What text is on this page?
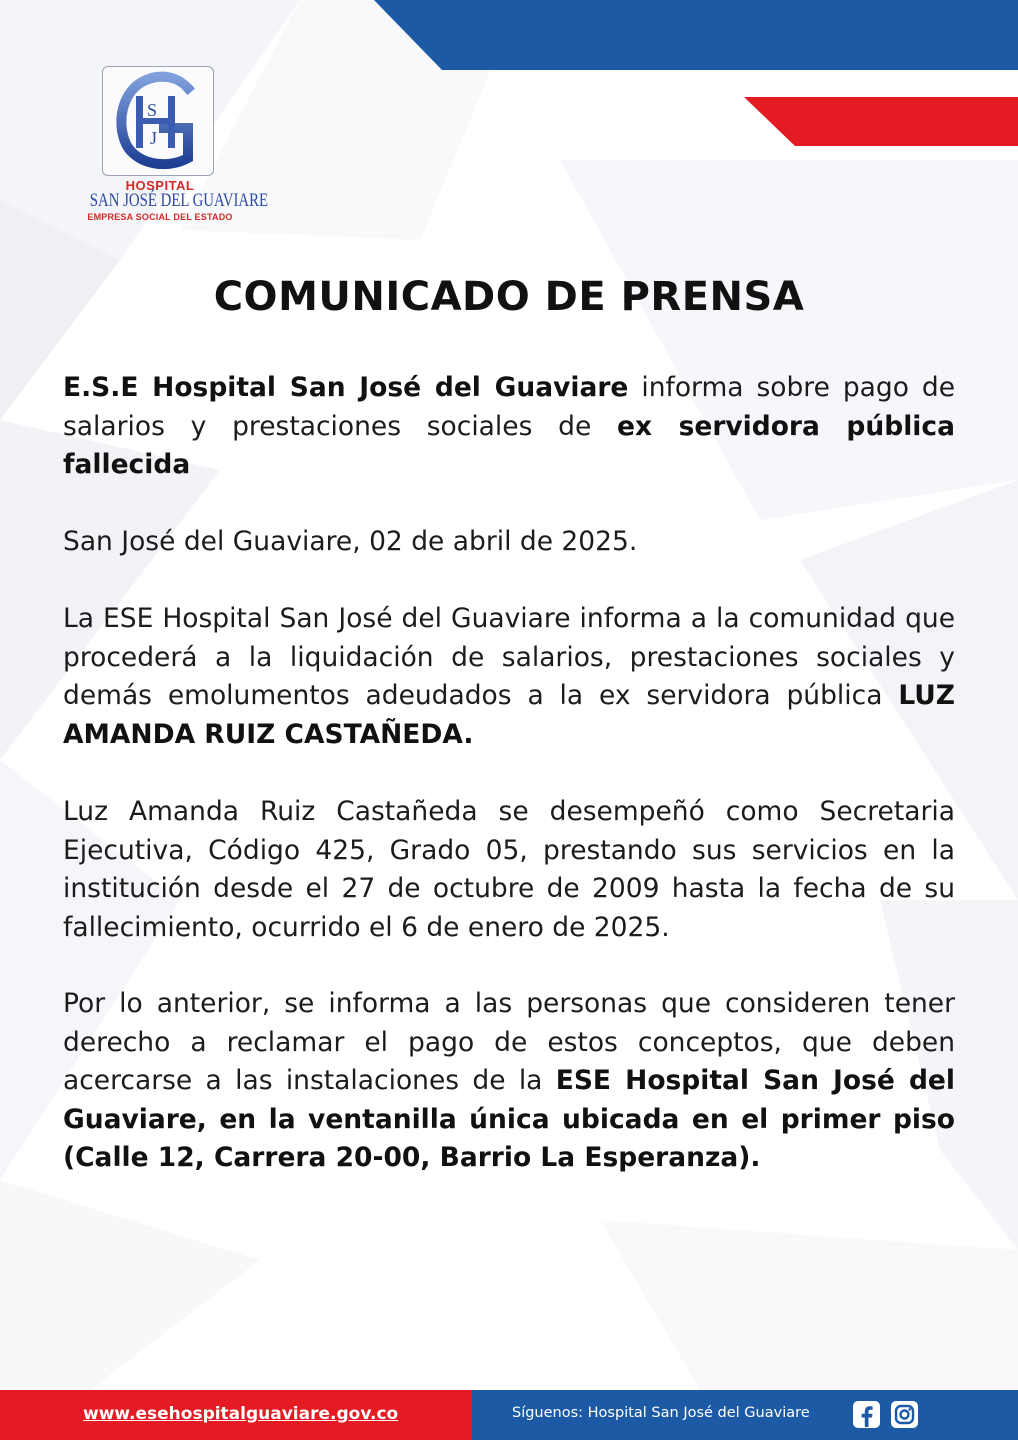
S
J
HOSPITAL
SAN JOSÉ DEL GUAVIARE
EMPRESA SOCIAL DEL ESTADO
COMUNICADO DE PRENSA

E.S.E Hospital San José del Guaviare informa sobre pago de salarios y prestaciones sociales de ex servidora pública fallecida

San José del Guaviare, 02 de abril de 2025.

La ESE Hospital San José del Guaviare informa a la comunidad que procederá a la liquidación de salarios, prestaciones sociales y demás emolumentos adeudados a la ex servidora pública LUZ AMANDA RUIZ CASTAÑEDA.

Luz Amanda Ruiz Castañeda se desempeñó como Secretaria Ejecutiva, Código 425, Grado 05, prestando sus servicios en la institución desde el 27 de octubre de 2009 hasta la fecha de su fallecimiento, ocurrido el 6 de enero de 2025.

Por lo anterior, se informa a las personas que consideren tener derecho a reclamar el pago de estos conceptos, que deben acercarse a las instalaciones de la ESE Hospital San José del Guaviare, en la ventanilla única ubicada en el primer piso (Calle 12, Carrera 20-00, Barrio La Esperanza).

www.esehospitalguaviare.gov.co	Síguenos: Hospital San José del Guaviare
